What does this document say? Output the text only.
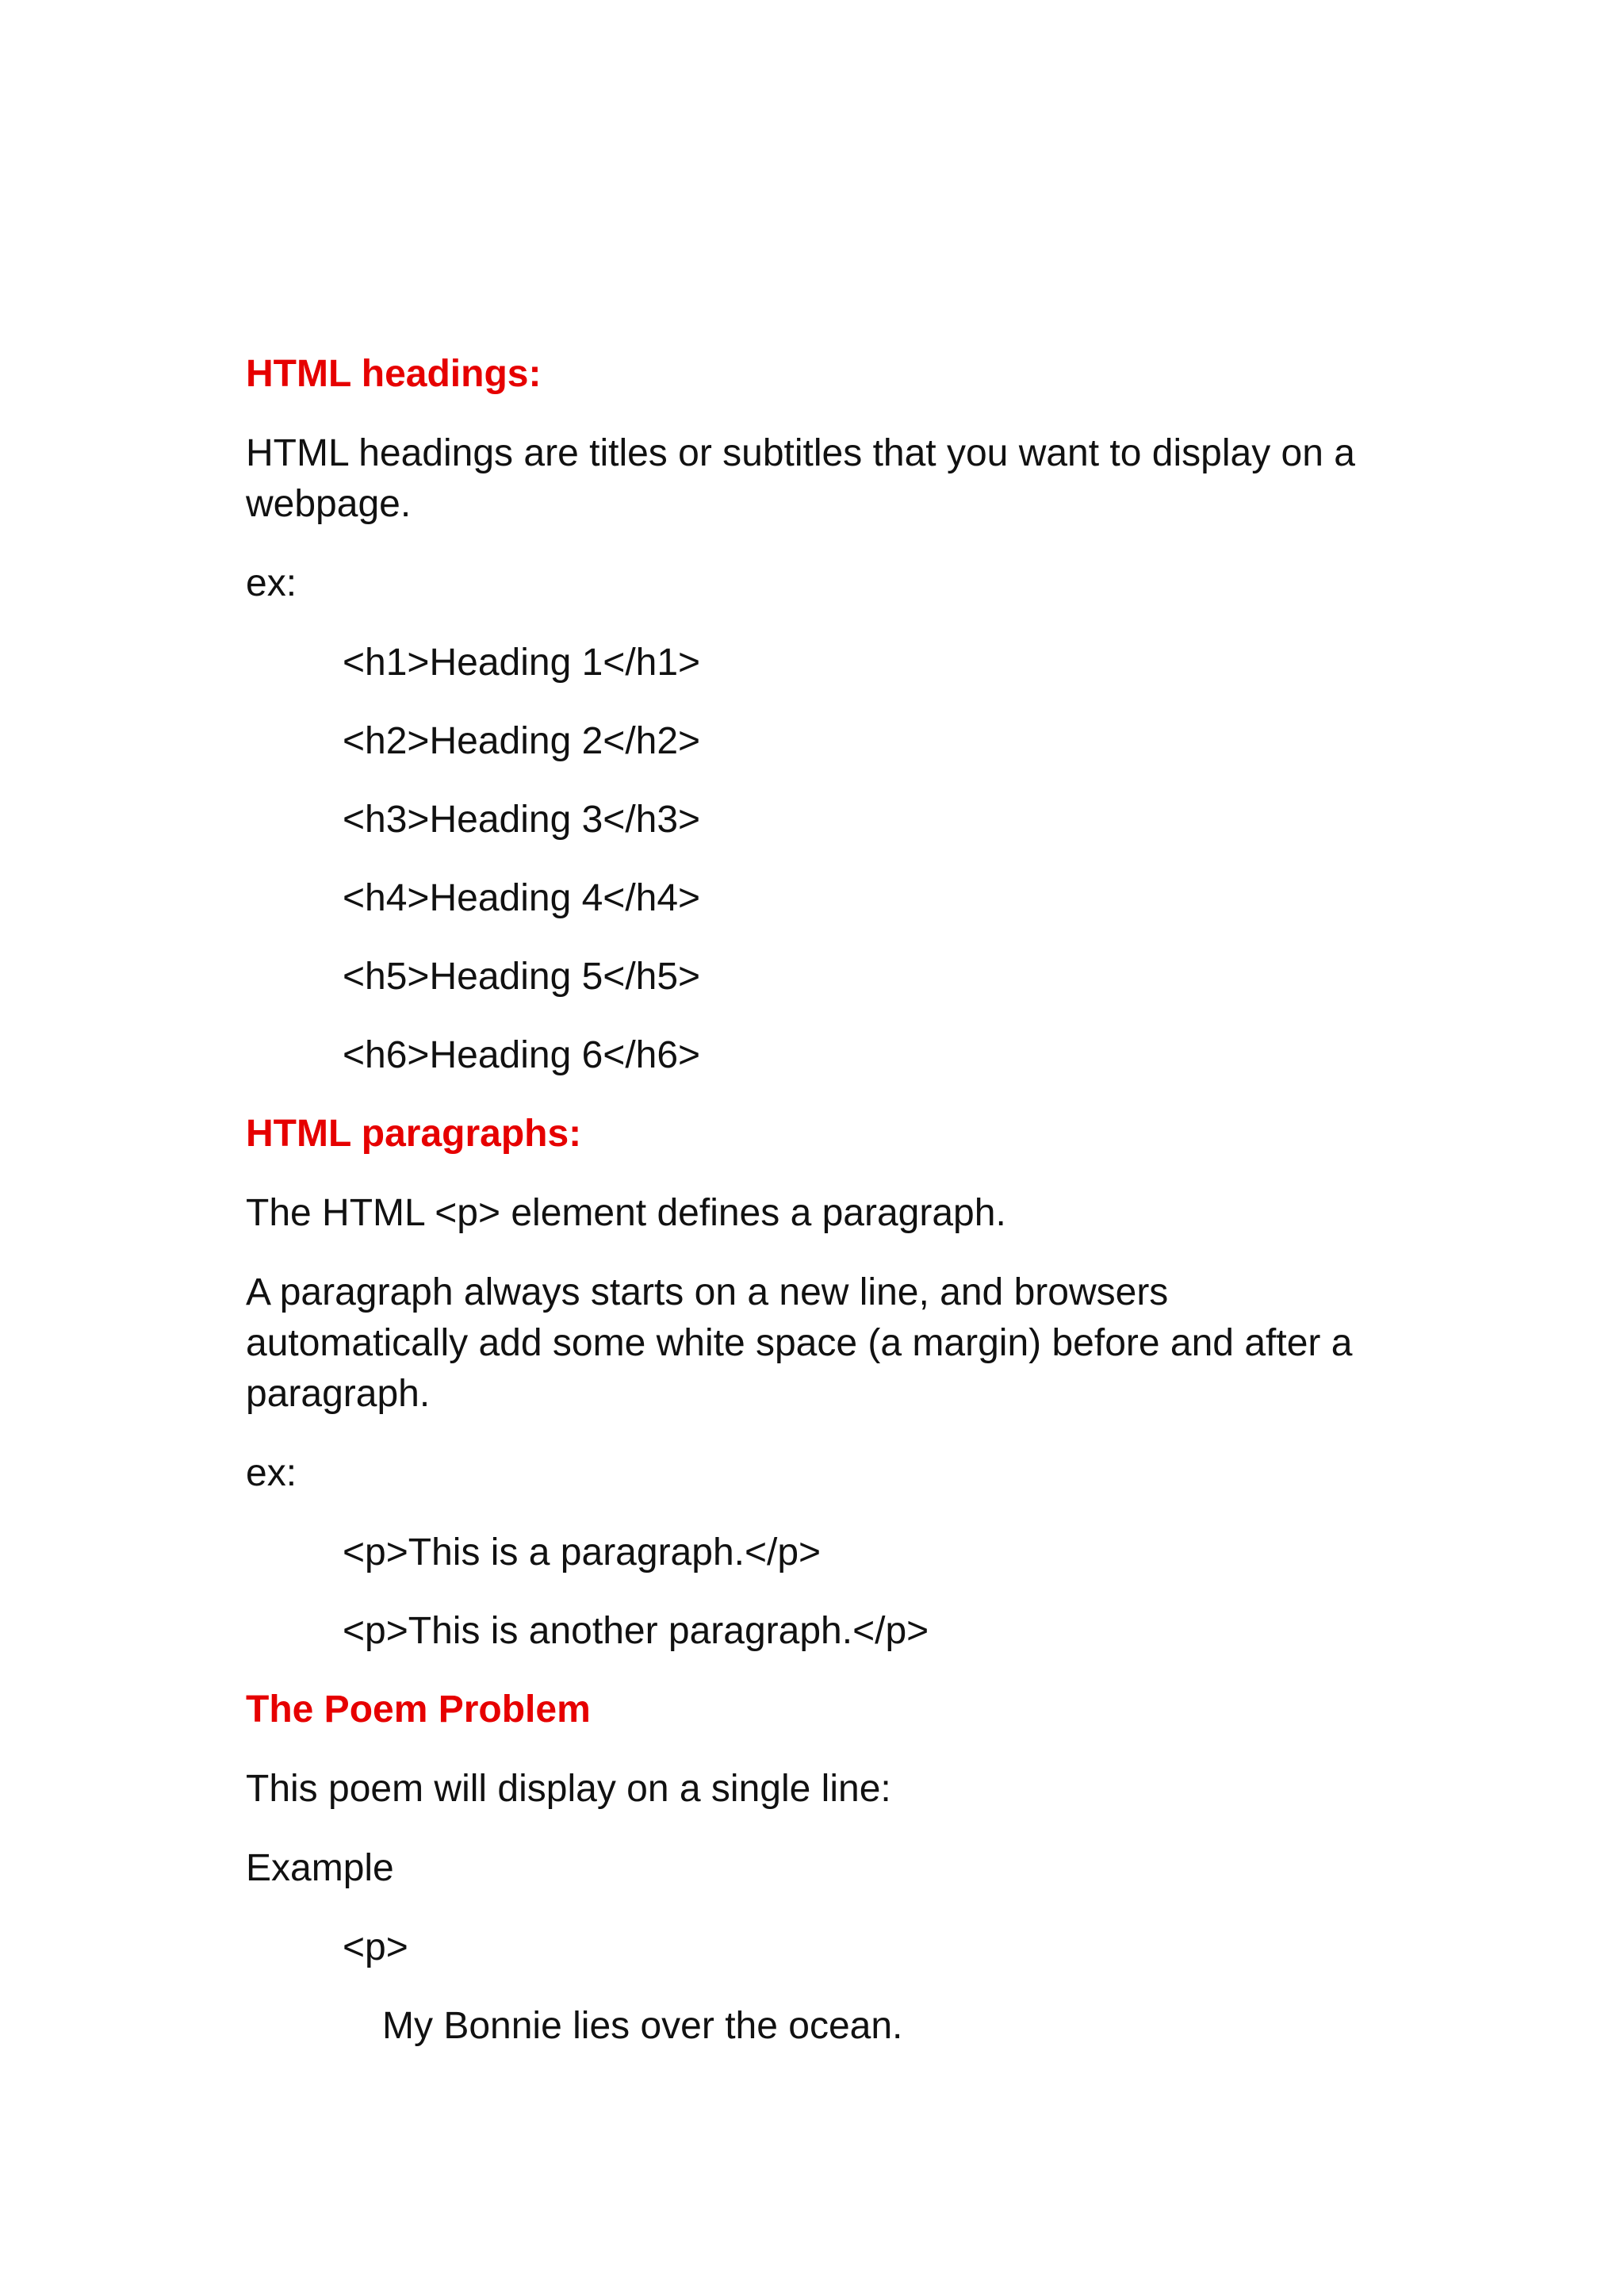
HTML headings:

HTML headings are titles or subtitles that you want to display on a webpage.

ex:

<h1>Heading 1</h1>

<h2>Heading 2</h2>

<h3>Heading 3</h3>

<h4>Heading 4</h4>

<h5>Heading 5</h5>

<h6>Heading 6</h6>

HTML paragraphs:

The HTML <p> element defines a paragraph.

A paragraph always starts on a new line, and browsers automatically add some white space (a margin) before and after a paragraph.

ex:

<p>This is a paragraph.</p>

<p>This is another paragraph.</p>

The Poem Problem

This poem will display on a single line:

Example

<p>

My Bonnie lies over the ocean.
